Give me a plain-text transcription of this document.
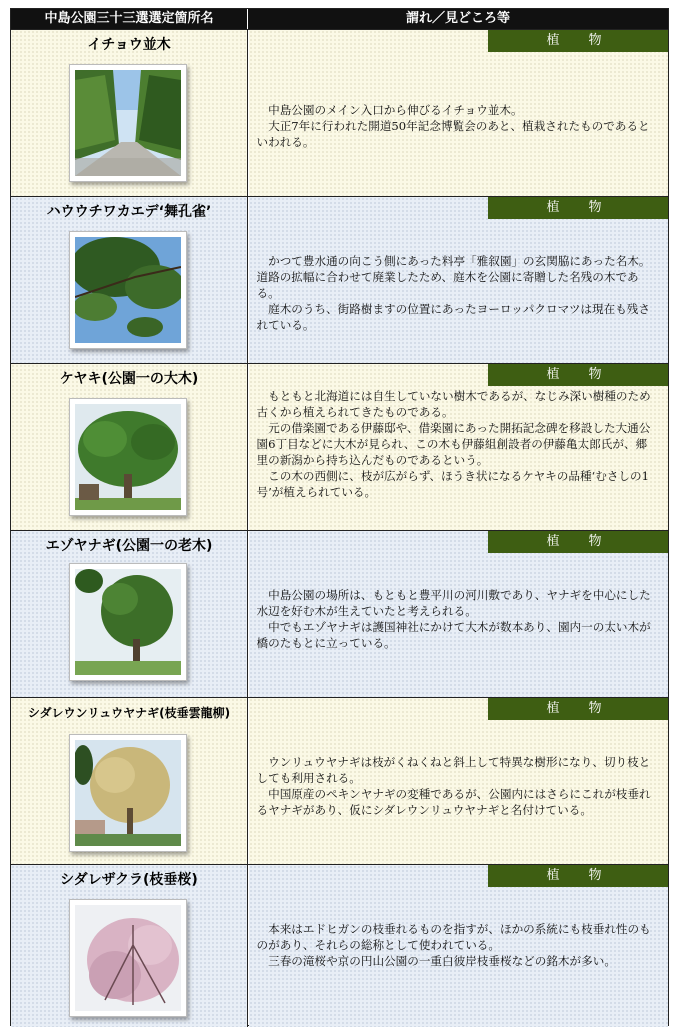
中島公園三十三選選定箇所名	謂れ／見どころ等
イチョウ並木	植　物

　中島公園のメイン入口から伸びるイチョウ並木。

　大正7年に行われた開道50年記念博覧会のあと、植栽されたものであるといわれる。

ハウウチワカエデ‘舞孔雀’	植　物

　かつて豊水通の向こう側にあった料亭「雅叙園」の玄関脇にあった名木。道路の拡幅に合わせて廃業したため、庭木を公園に寄贈した名残の木である。

　庭木のうち、街路樹ますの位置にあったヨーロッパクロマツは現在も残されている。

ケヤキ(公園一の大木)	植　物

　もともと北海道には自生していない樹木であるが、なじみ深い樹種のため古くから植えられてきたものである。

　元の借楽園である伊藤邸や、借楽園にあった開拓記念碑を移設した大通公園6丁目などに大木が見られ、この木も伊藤組創設者の伊藤亀太郎氏が、郷里の新潟から持ち込んだものであるという。

　この木の西側に、枝が広がらず、ほうき状になるケヤキの品種‘むさしの1号’が植えられている。

エゾヤナギ(公園一の老木)	植　物

　中島公園の場所は、もともと豊平川の河川敷であり、ヤナギを中心にした水辺を好む木が生えていたと考えられる。

　中でもエゾヤナギは護国神社にかけて大木が数本あり、園内一の太い木が橋のたもとに立っている。

シダレウンリュウヤナギ(枝垂雲龍柳)	植　物

　ウンリュウヤナギは枝がくねくねと斜上して特異な樹形になり、切り枝としても利用される。

　中国原産のペキンヤナギの変種であるが、公園内にはさらにこれが枝垂れるヤナギがあり、仮にシダレウンリュウヤナギと名付けている。

シダレザクラ(枝垂桜)	植　物

　本来はエドヒガンの枝垂れるものを指すが、ほかの系統にも枝垂れ性のものがあり、それらの総称として使われている。

　三春の滝桜や京の円山公園の一重白彼岸枝垂桜などの銘木が多い。
